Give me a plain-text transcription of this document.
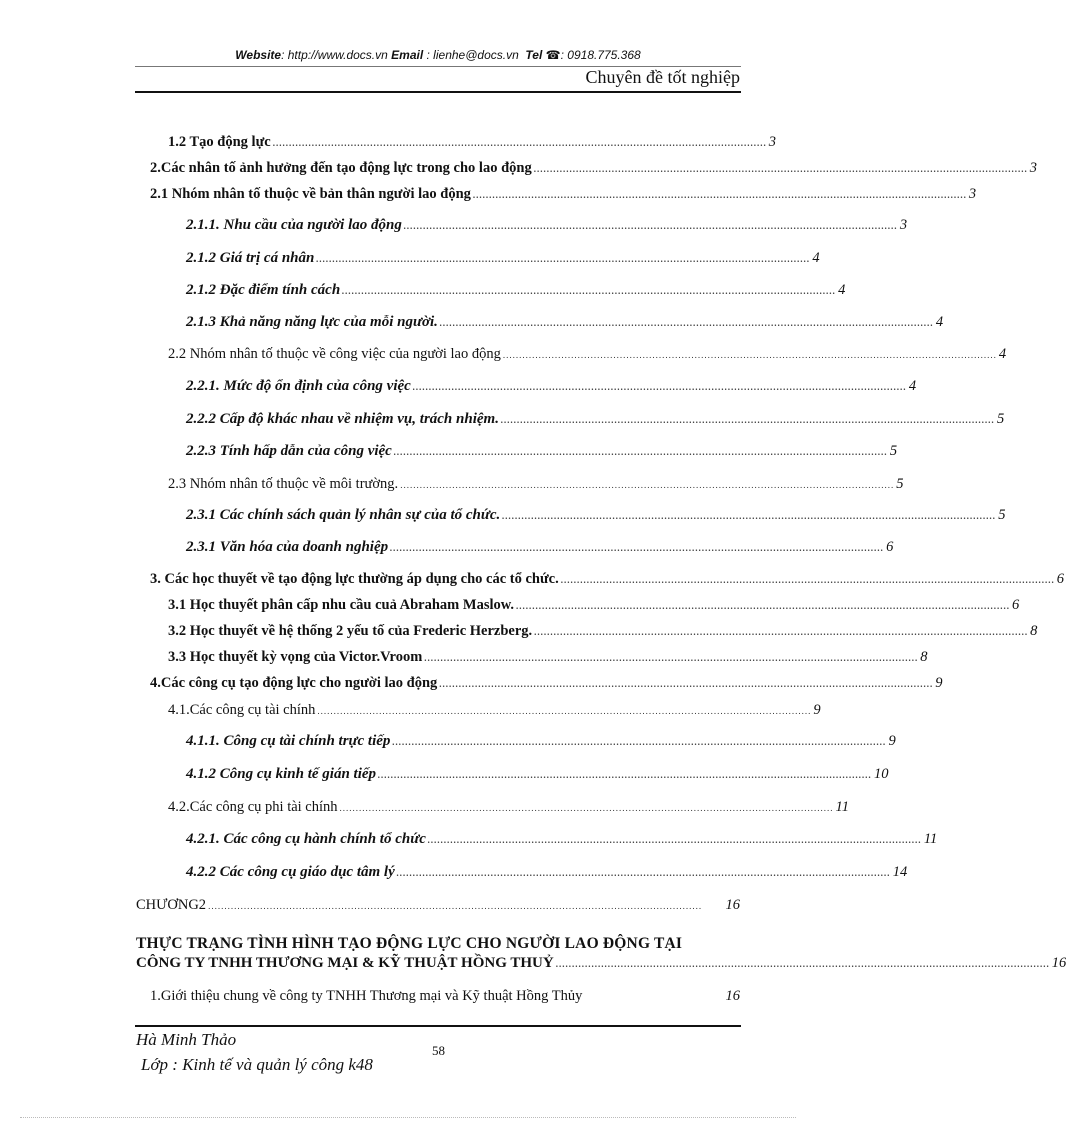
Website: http://www.docs.vn Email : lienhe@docs.vn Tel ☎: 0918.775.368
Chuyên đề tốt nghiệp
1.2 Tạo động lực ........................................................................................................................................................ 3
2.Các nhân tố ảnh hưởng đến tạo động lực trong cho lao động ........................................................................................................................................................ 3
2.1 Nhóm nhân tố thuộc về bản thân người lao động ........................................................................................................................................................ 3
2.1.1. Nhu cầu của người lao động ........................................................................................................................................................ 3
2.1.2 Giá trị cá nhân ........................................................................................................................................................ 4
2.1.2 Đặc điểm tính cách ........................................................................................................................................................ 4
2.1.3 Khả năng năng lực của mỗi người. ........................................................................................................................................................ 4
2.2 Nhóm nhân tố thuộc về công việc của người lao động ........................................................................................................................................................ 4
2.2.1. Mức độ ổn định của công việc ........................................................................................................................................................ 4
2.2.2 Cấp độ khác nhau về nhiệm vụ, trách nhiệm. ........................................................................................................................................................ 5
2.2.3 Tính hấp dẫn của công việc ........................................................................................................................................................ 5
2.3 Nhóm nhân tố thuộc về môi trường. ........................................................................................................................................................ 5
2.3.1 Các chính sách quản lý nhân sự của tổ chức. ........................................................................................................................................................ 5
2.3.1 Văn hóa của doanh nghiệp ........................................................................................................................................................ 6
3. Các học thuyết về tạo động lực thường áp dụng cho các tổ chức. ........................................................................................................................................................ 6
3.1 Học thuyết phân cấp nhu cầu cuả Abraham Maslow. ........................................................................................................................................................ 6
3.2 Học thuyết về hệ thống 2 yếu tố của Frederic Herzberg. ........................................................................................................................................................ 8
3.3 Học thuyết kỳ vọng của Victor.Vroom ........................................................................................................................................................ 8
4.Các công cụ tạo động lực cho người lao động ........................................................................................................................................................ 9
4.1.Các công cụ tài chính ........................................................................................................................................................ 9
4.1.1. Công cụ tài chính trực tiếp ........................................................................................................................................................ 9
4.1.2 Công cụ kinh tế gián tiếp ........................................................................................................................................................ 10
4.2.Các công cụ phi tài chính ........................................................................................................................................................ 11
4.2.1. Các công cụ hành chính tổ chức ........................................................................................................................................................ 11
4.2.2 Các công cụ giáo dục tâm lý ........................................................................................................................................................ 14
CHƯƠNG2 ........................................................................................................................................................	16
THỰC TRẠNG TÌNH HÌNH TẠO ĐỘNG LỰC CHO NGƯỜI LAO ĐỘNG TẠI
CÔNG TY TNHH THƯƠNG MẠI & KỸ THUẬT HỒNG THUỶ ........................................................................................................................................................ 16
1.Giới thiệu chung về công ty TNHH Thương mại và Kỹ thuật Hồng Thủy	16
Hà Minh Thảo
Lớp : Kinh tế và quản lý công k48
58
